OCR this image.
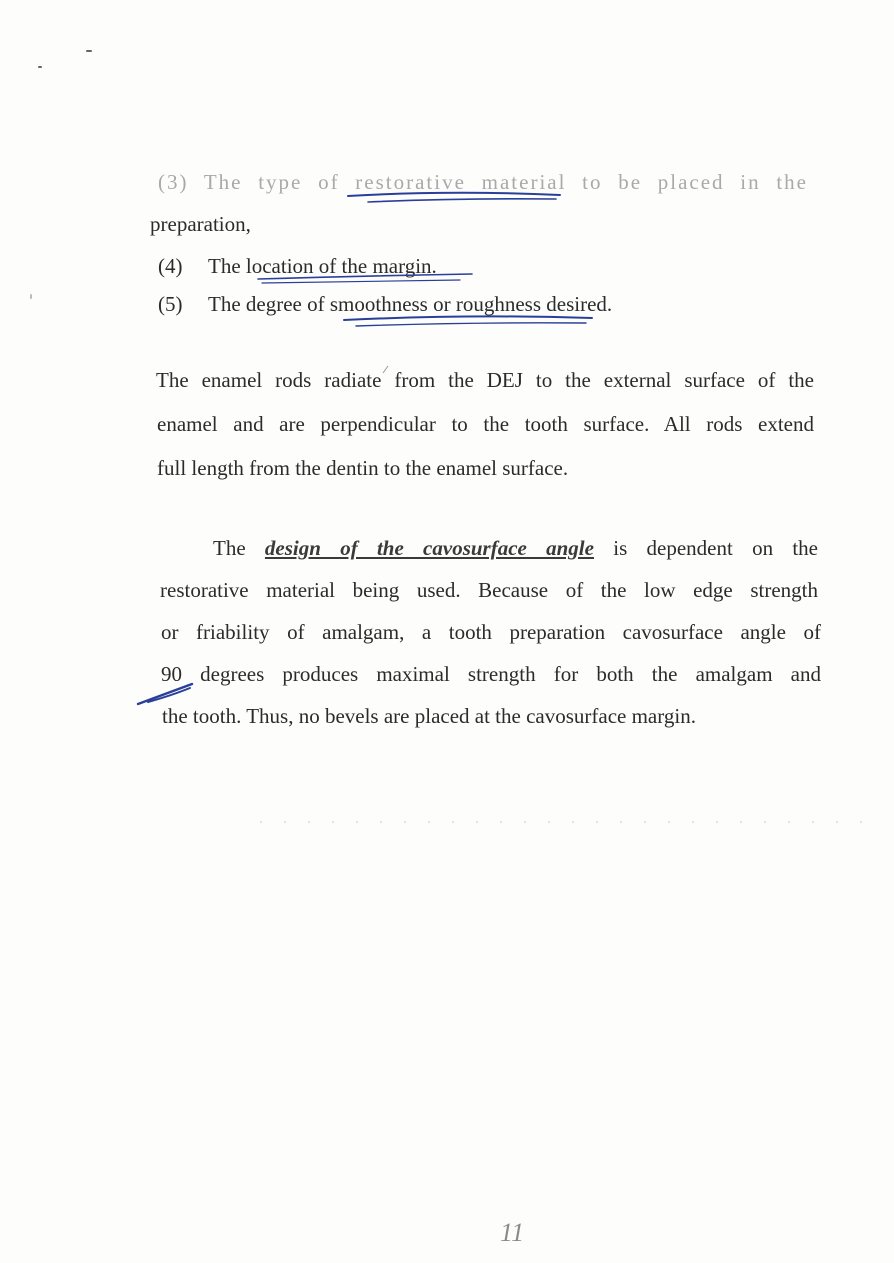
(3) The type of restorative material to be placed in the
preparation,
(4) The location of the margin.
(5) The degree of smoothness or roughness desired.
The enamel rods radiate from the DEJ to the external surface of the
enamel and are perpendicular to the tooth surface. All rods extend
full length from the dentin to the enamel surface.
The design of the cavosurface angle is dependent on the
restorative material being used. Because of the low edge strength
or friability of amalgam, a tooth preparation cavosurface angle of
90 degrees produces maximal strength for both the amalgam and
the tooth. Thus, no bevels are placed at the cavosurface margin.
11
